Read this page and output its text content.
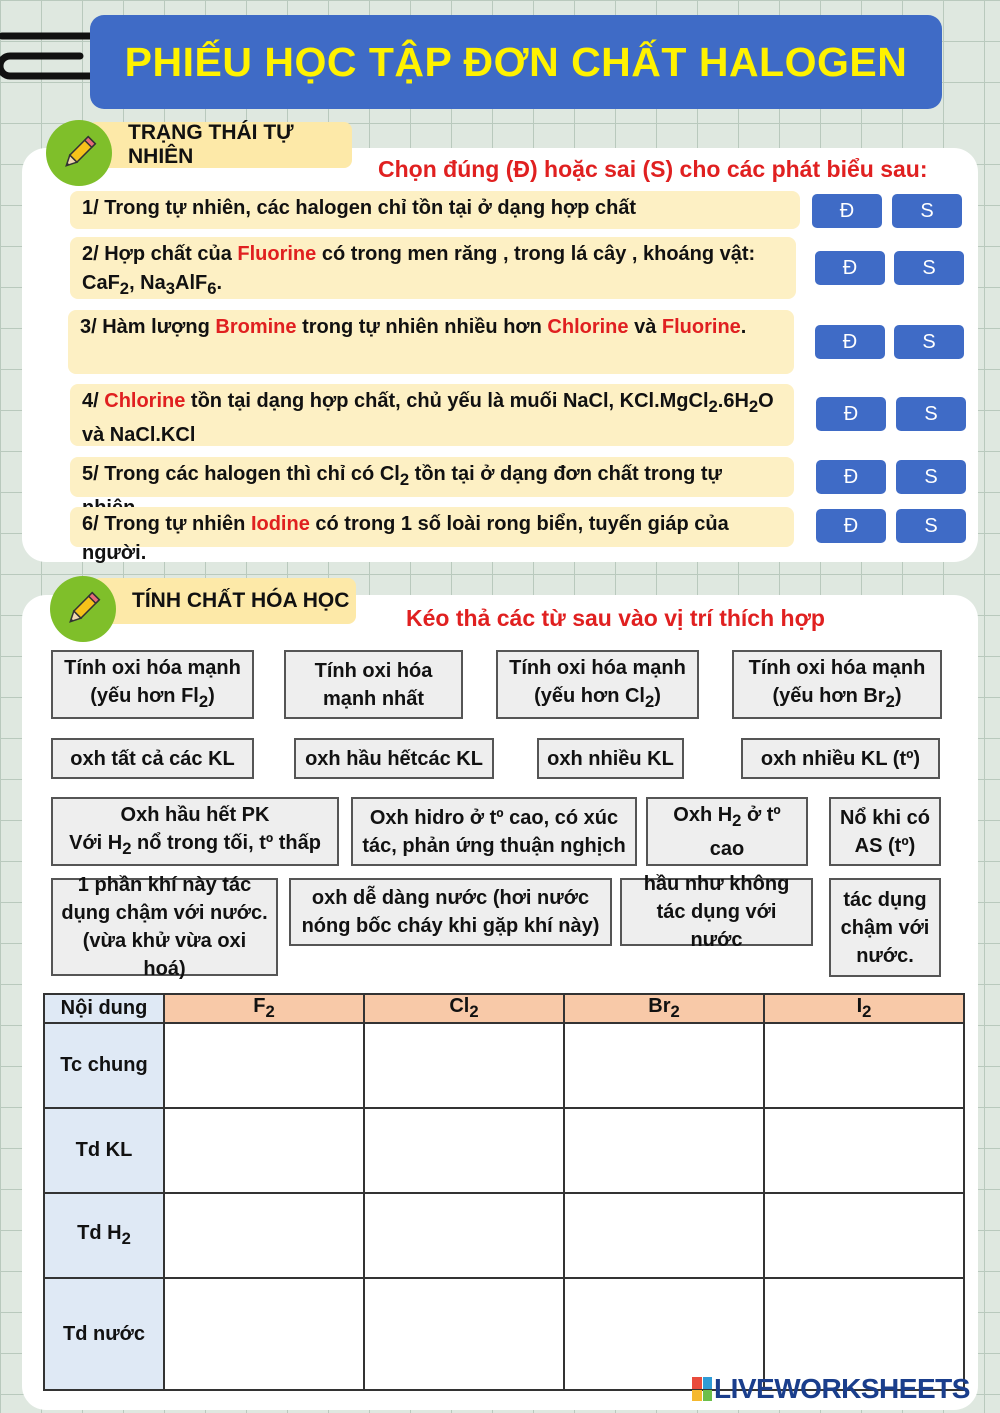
PHIẾU HỌC TẬP ĐƠN CHẤT HALOGEN
TRẠNG THÁI TỰ NHIÊN	Chọn đúng (Đ) hoặc sai (S) cho các phát biểu sau:
1/ Trong tự nhiên, các halogen chỉ tồn tại ở dạng hợp chất	Đ	S
2/ Hợp chất của Fluorine có trong men răng , trong lá cây , khoáng vật: CaF$_2$, $Na_3AlF_6$.
Đ	S
3/ Hàm lượng Bromine trong tự nhiên nhiều hơn Chlorine và Fluorine.
Đ	S
4/ Chlorine tồn tại dạng hợp chất, chủ yếu là muối NaCl, $KCl.MgCl_2.6H_2O$ và NaCl.KCl
Đ	S
5/ Trong các halogen thì chỉ có $Cl_2$ tồn tại ở dạng đơn chất trong tự	Đ	S
6/ Trong tự nhiên Iodine có trong 1 số loài rong biển, tuyến giáp của người.
Đ	S
TÍNH CHẤT HÓA HỌC
Kéo thả các từ sau vào vị trí thích hợp
Tính oxi hóa mạnh
(yếu hơn $Fl_2$)
Tính oxi hóa
mạnh nhất
Tính oxi hóa mạnh
(yếu hơn $Cl_2$)
Tính oxi hóa mạnh
(yếu hơn $Br_2$)
oxh tất cả các KL	oxh hầu hếtcác KL	oxh nhiều KL	oxh nhiều KL (tº)
Oxh hầu hết PK
Với $H_2$ nổ trong tối, tº thấp
Oxh hidro ở tº cao, có xúc
tác, phản ứng thuận nghịch
Oxh $H_2$ ở tº
cao
Nổ khi có
AS (tº)
1 phần khí này tác
dụng chậm với nước.
(vừa khử vừa oxi hoá)
oxh dễ dàng nước (hơi nước
nóng bốc cháy khi gặp khí này)
hầu như không
tác dụng với nước
tác dụng
chậm với
nước.
Nội dung	$F_2$	$Cl_2$	$Br_2$	$I_2$
Tc chung				
Td KL				
Td $H_2$				
Td nước				
LIVEWORKSHEETS
